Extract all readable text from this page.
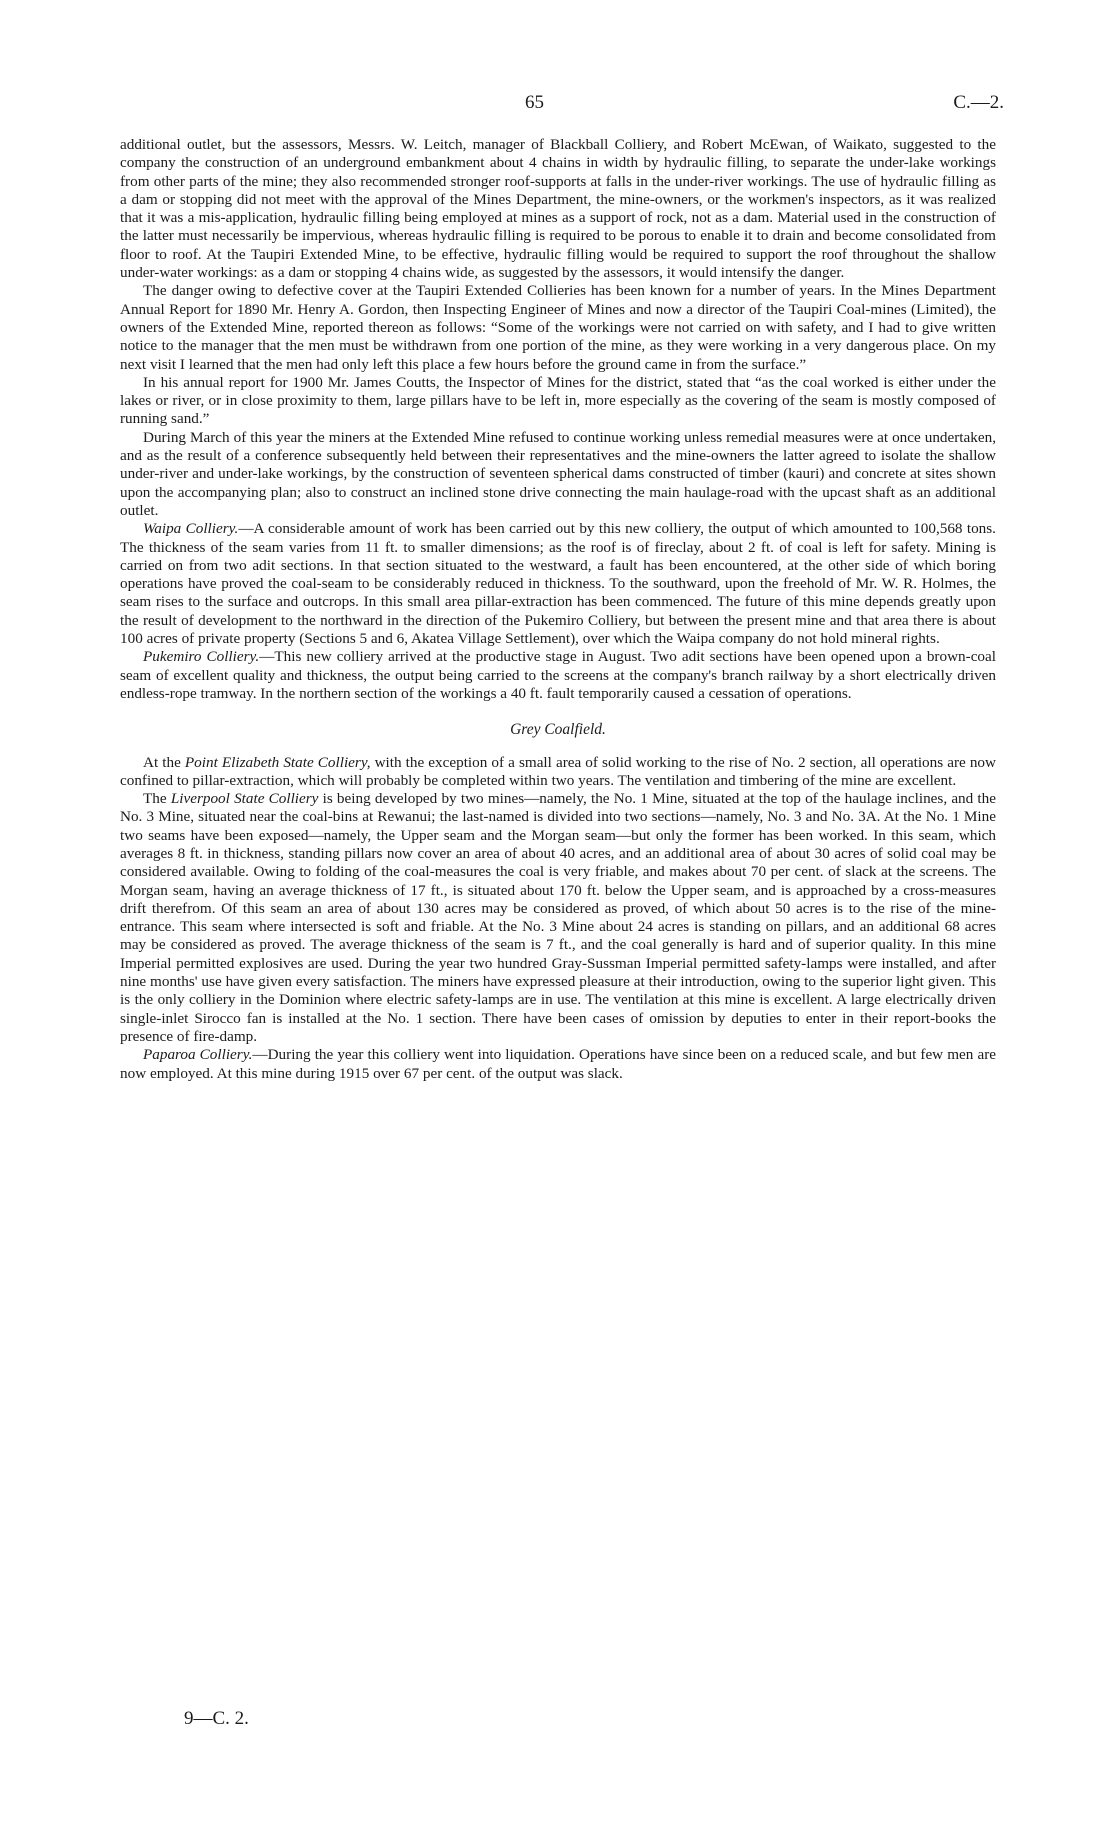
65	C.—2.

additional outlet, but the assessors, Messrs. W. Leitch, manager of Blackball Colliery, and Robert McEwan, of Waikato, suggested to the company the construction of an underground embankment about 4 chains in width by hydraulic filling, to separate the under-lake workings from other parts of the mine; they also recommended stronger roof-supports at falls in the under-river workings. The use of hydraulic filling as a dam or stopping did not meet with the approval of the Mines Department, the mine-owners, or the workmen's inspectors, as it was realized that it was a mis-application, hydraulic filling being employed at mines as a support of rock, not as a dam. Material used in the construction of the latter must necessarily be impervious, whereas hydraulic filling is required to be porous to enable it to drain and become consolidated from floor to roof. At the Taupiri Extended Mine, to be effective, hydraulic filling would be required to support the roof throughout the shallow under-water workings: as a dam or stopping 4 chains wide, as suggested by the assessors, it would intensify the danger.

The danger owing to defective cover at the Taupiri Extended Collieries has been known for a number of years. In the Mines Department Annual Report for 1890 Mr. Henry A. Gordon, then Inspecting Engineer of Mines and now a director of the Taupiri Coal-mines (Limited), the owners of the Extended Mine, reported thereon as follows: “Some of the workings were not carried on with safety, and I had to give written notice to the manager that the men must be withdrawn from one portion of the mine, as they were working in a very dangerous place. On my next visit I learned that the men had only left this place a few hours before the ground came in from the surface.”

In his annual report for 1900 Mr. James Coutts, the Inspector of Mines for the district, stated that “as the coal worked is either under the lakes or river, or in close proximity to them, large pillars have to be left in, more especially as the covering of the seam is mostly composed of running sand.”

During March of this year the miners at the Extended Mine refused to continue working unless remedial measures were at once undertaken, and as the result of a conference subsequently held between their representatives and the mine-owners the latter agreed to isolate the shallow under-river and under-lake workings, by the construction of seventeen spherical dams constructed of timber (kauri) and concrete at sites shown upon the accompanying plan; also to construct an inclined stone drive connecting the main haulage-road with the upcast shaft as an additional outlet.

Waipa Colliery.—A considerable amount of work has been carried out by this new colliery, the output of which amounted to 100,568 tons. The thickness of the seam varies from 11 ft. to smaller dimensions; as the roof is of fireclay, about 2 ft. of coal is left for safety. Mining is carried on from two adit sections. In that section situated to the westward, a fault has been encountered, at the other side of which boring operations have proved the coal-seam to be considerably reduced in thickness. To the southward, upon the freehold of Mr. W. R. Holmes, the seam rises to the surface and outcrops. In this small area pillar-extraction has been commenced. The future of this mine depends greatly upon the result of development to the northward in the direction of the Pukemiro Colliery, but between the present mine and that area there is about 100 acres of private property (Sections 5 and 6, Akatea Village Settlement), over which the Waipa company do not hold mineral rights.

Pukemiro Colliery.—This new colliery arrived at the productive stage in August. Two adit sections have been opened upon a brown-coal seam of excellent quality and thickness, the output being carried to the screens at the company's branch railway by a short electrically driven endless-rope tramway. In the northern section of the workings a 40 ft. fault temporarily caused a cessation of operations.

Grey Coalfield.

At the Point Elizabeth State Colliery, with the exception of a small area of solid working to the rise of No. 2 section, all operations are now confined to pillar-extraction, which will probably be completed within two years. The ventilation and timbering of the mine are excellent.

The Liverpool State Colliery is being developed by two mines—namely, the No. 1 Mine, situated at the top of the haulage inclines, and the No. 3 Mine, situated near the coal-bins at Rewanui; the last-named is divided into two sections—namely, No. 3 and No. 3A. At the No. 1 Mine two seams have been exposed—namely, the Upper seam and the Morgan seam—but only the former has been worked. In this seam, which averages 8 ft. in thickness, standing pillars now cover an area of about 40 acres, and an additional area of about 30 acres of solid coal may be considered available. Owing to folding of the coal-measures the coal is very friable, and makes about 70 per cent. of slack at the screens. The Morgan seam, having an average thickness of 17 ft., is situated about 170 ft. below the Upper seam, and is approached by a cross-measures drift therefrom. Of this seam an area of about 130 acres may be considered as proved, of which about 50 acres is to the rise of the mine-entrance. This seam where intersected is soft and friable. At the No. 3 Mine about 24 acres is standing on pillars, and an additional 68 acres may be considered as proved. The average thickness of the seam is 7 ft., and the coal generally is hard and of superior quality. In this mine Imperial permitted explosives are used. During the year two hundred Gray-Sussman Imperial permitted safety-lamps were installed, and after nine months' use have given every satisfaction. The miners have expressed pleasure at their introduction, owing to the superior light given. This is the only colliery in the Dominion where electric safety-lamps are in use. The ventilation at this mine is excellent. A large electrically driven single-inlet Sirocco fan is installed at the No. 1 section. There have been cases of omission by deputies to enter in their report-books the presence of fire-damp.

Paparoa Colliery.—During the year this colliery went into liquidation. Operations have since been on a reduced scale, and but few men are now employed. At this mine during 1915 over 67 per cent. of the output was slack.

9—C. 2.
